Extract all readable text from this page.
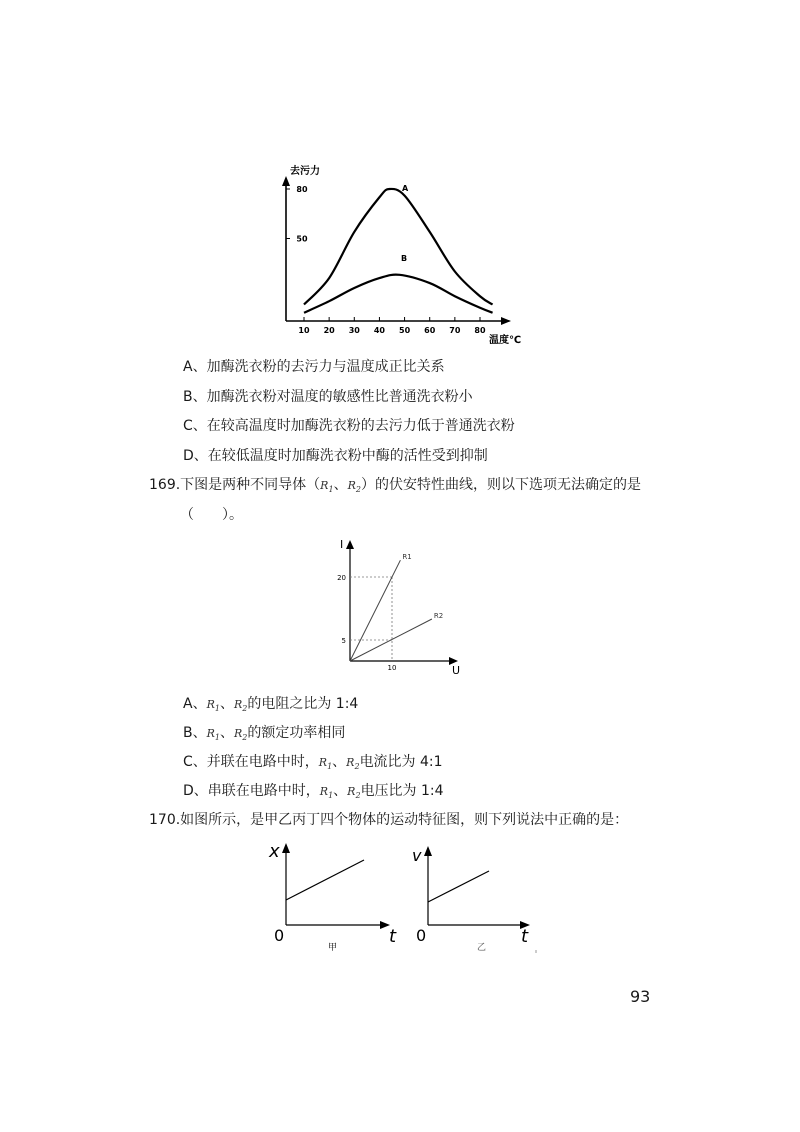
去污力
温度℃
10 20 30 40 50 60 70 80
50
80	A
B
A、加酶洗衣粉的去污力与温度成正比关系
B、加酶洗衣粉对温度的敏感性比普通洗衣粉小
C、在较高温度时加酶洗衣粉的去污力低于普通洗衣粉
D、在较低温度时加酶洗衣粉中酶的活性受到抑制
169.下图是两种不同导体（$R_1$、$R_2$）的伏安特性曲线，则以下选项无法确定的是
（　　）。
I
U
R1
R2
5
20
10
A、$R_1$、$R_2$的电阻之比为 1:4
B、$R_1$、$R_2$的额定功率相同
C、并联在电路中时，$R_1$、$R_2$电流比为 4:1
D、串联在电路中时，$R_1$、$R_2$电压比为 1:4
170.如图所示，是甲乙丙丁四个物体的运动特征图，则下列说法中正确的是：
x
t
0
甲
v
t
0
乙
93
